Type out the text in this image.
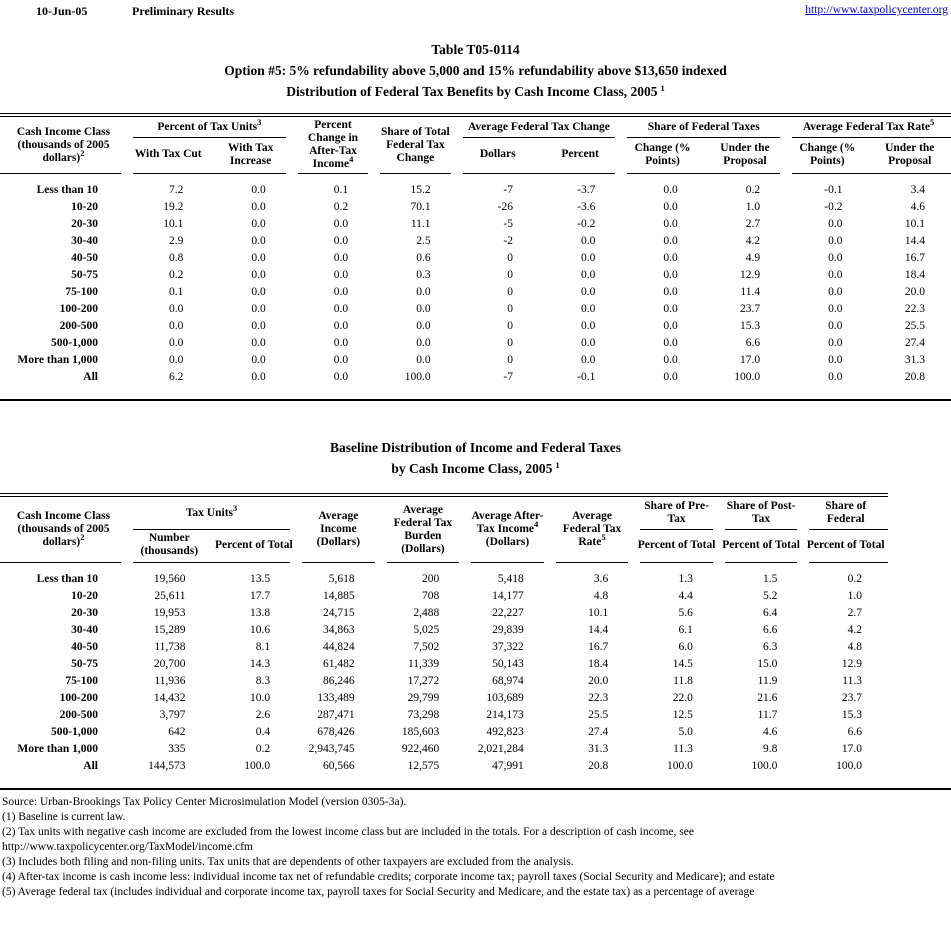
10-Jun-05	Preliminary Results	http://www.taxpolicycenter.org
Table T05-0114
Option #5: 5% refundability above 5,000 and 15% refundability above $13,650 indexed
Distribution of Federal Tax Benefits by Cash Income Class, 2005 $^1$
Cash Income Class (thousands of 2005 dollars)$^2$	Percent of Tax Units$^3$		Percent Change in After-Tax Income$^4$	Share of Total Federal Tax Change	Average Federal Tax Change		Share of Federal Taxes		Average Federal Tax Rate$^5$

	With Tax Cut	With Tax Increase			Dollars	Percent	Change (% Points)	Under the Proposal	Change (% Points)	Under the Proposal

Less than 10	7.2	0.0	0.1	15.2	-7	-3.7	0.0	0.2	-0.1	3.4
10-20	19.2	0.0	0.2	70.1	-26	-3.6	0.0	1.0	-0.2	4.6
20-30	10.1	0.0	0.0	11.1	-5	-0.2	0.0	2.7	0.0	10.1
30-40	2.9	0.0	0.0	2.5	-2	0.0	0.0	4.2	0.0	14.4
40-50	0.8	0.0	0.0	0.6	0	0.0	0.0	4.9	0.0	16.7
50-75	0.2	0.0	0.0	0.3	0	0.0	0.0	12.9	0.0	18.4
75-100	0.1	0.0	0.0	0.0	0	0.0	0.0	11.4	0.0	20.0
100-200	0.0	0.0	0.0	0.0	0	0.0	0.0	23.7	0.0	22.3
200-500	0.0	0.0	0.0	0.0	0	0.0	0.0	15.3	0.0	25.5
500-1,000	0.0	0.0	0.0	0.0	0	0.0	0.0	6.6	0.0	27.4
More than 1,000	0.0	0.0	0.0	0.0	0	0.0	0.0	17.0	0.0	31.3
All	6.2	0.0	0.0	100.0	-7	-0.1	0.0	100.0	0.0	20.8
Baseline Distribution of Income and Federal Taxes
by Cash Income Class, 2005 $^1$
Cash Income Class (thousands of 2005 dollars)$^2$	Tax Units$^3$		Average Income (Dollars)	Average Federal Tax Burden (Dollars)	Average After-Tax Income$^4$ (Dollars)	Average Federal Tax Rate$^5$	Share of Pre-Tax	Share of Post-Tax	Share of Federal

	Number (thousands)	Percent of Total					Percent of Total	Percent of Total	Percent of Total

Less than 10	19,560	13.5	5,618	200	5,418	3.6	1.3	1.5	0.2
10-20	25,611	17.7	14,885	708	14,177	4.8	4.4	5.2	1.0
20-30	19,953	13.8	24,715	2,488	22,227	10.1	5.6	6.4	2.7
30-40	15,289	10.6	34,863	5,025	29,839	14.4	6.1	6.6	4.2
40-50	11,738	8.1	44,824	7,502	37,322	16.7	6.0	6.3	4.8
50-75	20,700	14.3	61,482	11,339	50,143	18.4	14.5	15.0	12.9
75-100	11,936	8.3	86,246	17,272	68,974	20.0	11.8	11.9	11.3
100-200	14,432	10.0	133,489	29,799	103,689	22.3	22.0	21.6	23.7
200-500	3,797	2.6	287,471	73,298	214,173	25.5	12.5	11.7	15.3
500-1,000	642	0.4	678,426	185,603	492,823	27.4	5.0	4.6	6.6
More than 1,000	335	0.2	2,943,745	922,460	2,021,284	31.3	11.3	9.8	17.0
All	144,573	100.0	60,566	12,575	47,991	20.8	100.0	100.0	100.0
Source: Urban-Brookings Tax Policy Center Microsimulation Model (version 0305-3a).
(1) Baseline is current law.
(2) Tax units with negative cash income are excluded from the lowest income class but are included in the totals. For a description of cash income, see
http://www.taxpolicycenter.org/TaxModel/income.cfm
(3) Includes both filing and non-filing units. Tax units that are dependents of other taxpayers are excluded from the analysis.
(4) After-tax income is cash income less: individual income tax net of refundable credits; corporate income tax; payroll taxes (Social Security and Medicare); and estate
(5) Average federal tax (includes individual and corporate income tax, payroll taxes for Social Security and Medicare, and the estate tax) as a percentage of average
